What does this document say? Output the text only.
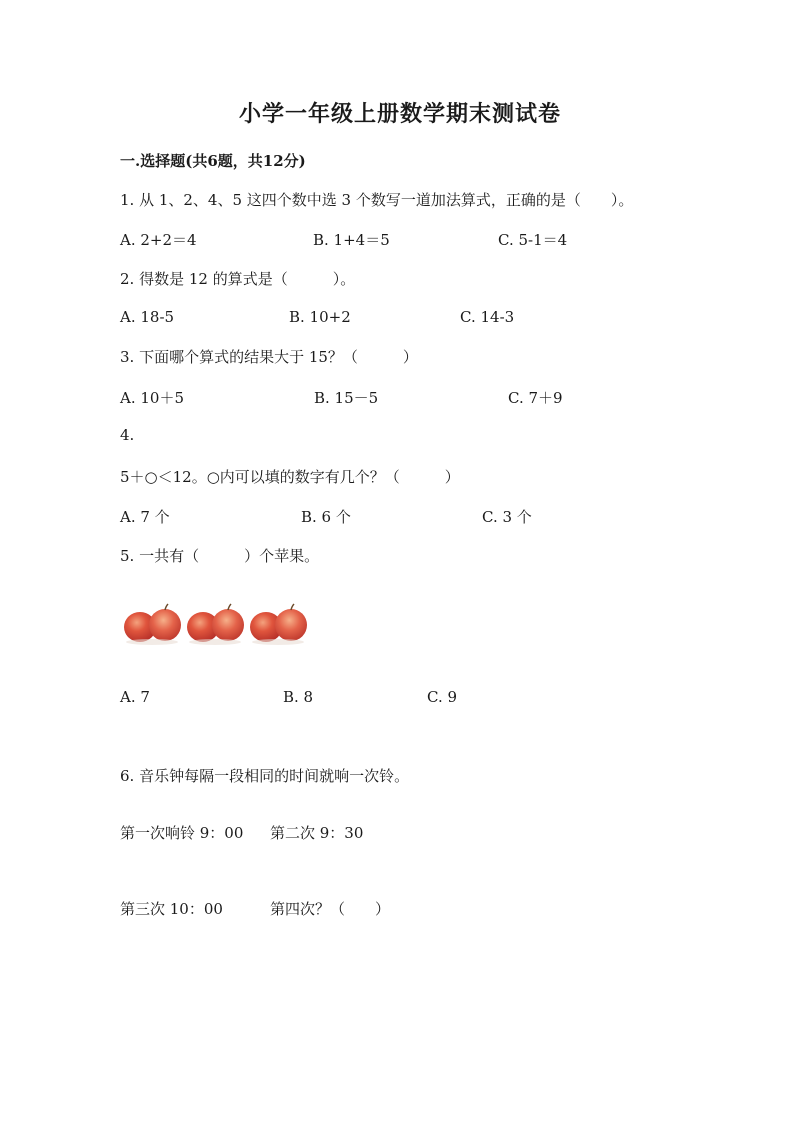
小学一年级上册数学期末测试卷
一.选择题(共6题，共12分)
1. 从 1、2、4、5 这四个数中选 3 个数写一道加法算式，正确的是（　　）。
A. 2+2＝4	B. 1+4＝5	C. 5-1＝4
2. 得数是 12 的算式是（　　　）。
A. 18-5	B. 10+2	C. 14-3
3. 下面哪个算式的结果大于 15？（　　　）
A. 10＋5	B. 15－5	C. 7＋9
4.
5＋○＜12。○内可以填的数字有几个？（　　　）
A. 7 个	B. 6 个	C. 3 个
5. 一共有（　　　）个苹果。
A. 7	B. 8	C. 9
6. 音乐钟每隔一段相同的时间就响一次铃。
第一次响铃 9：00 第二次 9：30
第三次 10：00	第四次？（　　）
